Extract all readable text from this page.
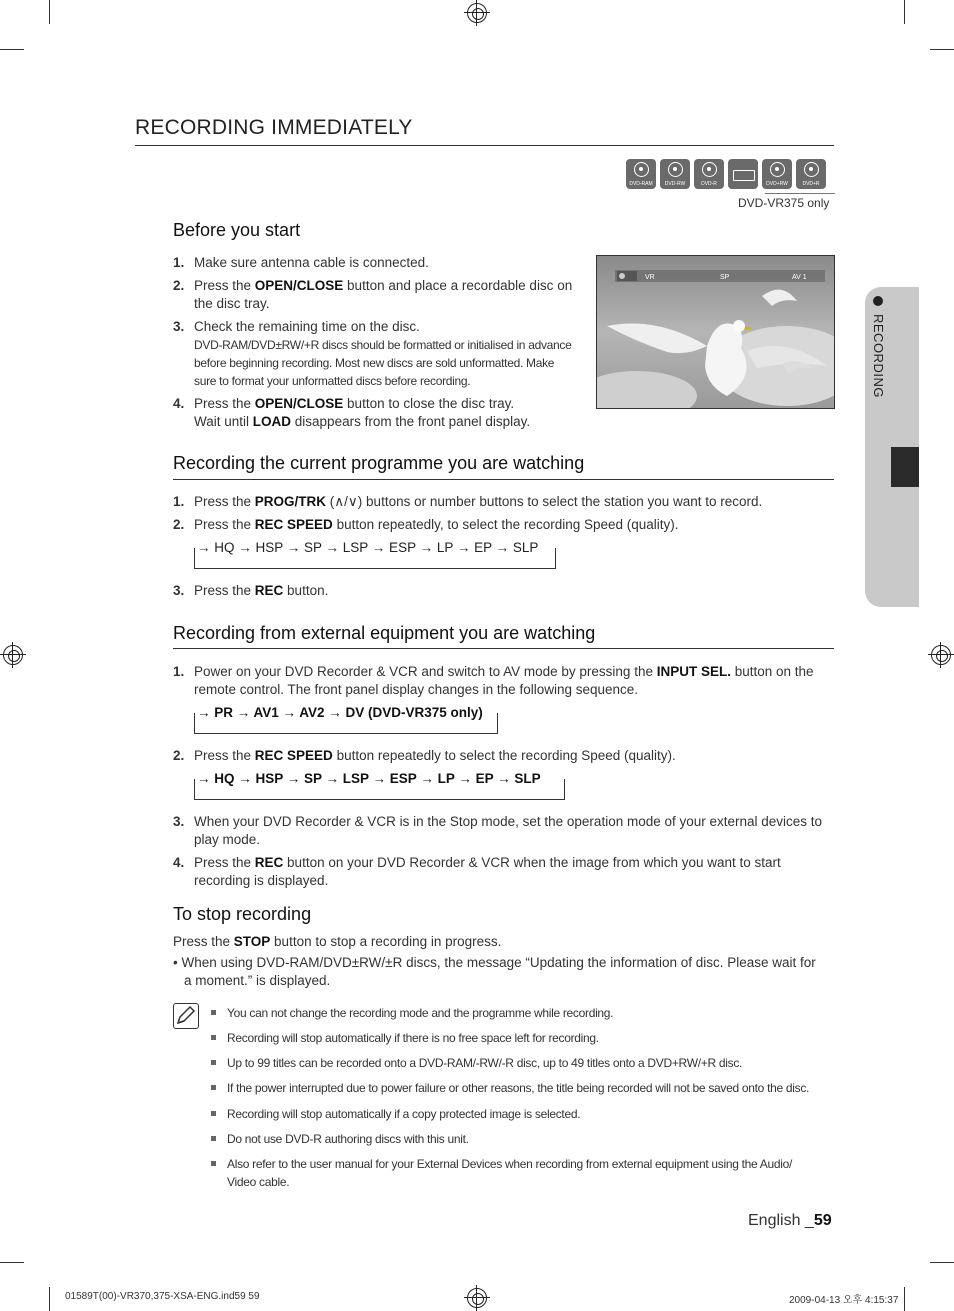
RECORDING IMMEDIATELY
DVD-RAM	DVD-RW	DVD-R	DVD+RW	DVD+R
DVD-VR375 only
Before you start
1. Make sure antenna cable is connected.
2. Press the OPEN/CLOSE button and place a recordable disc on
the disc tray.
3. Check the remaining time on the disc.
DVD-RAM/DVD±RW/+R discs should be formatted or initialised in advance
before beginning recording. Most new discs are sold unformatted. Make
sure to format your unformatted discs before recording.
4. Press the OPEN/CLOSE button to close the disc tray.
Wait until LOAD disappears from the front panel display.
VR	SP	AV 1
Recording the current programme you are watching
1. Press the PROG/TRK (∧/∨) buttons or number buttons to select the station you want to record.
2. Press the REC SPEED button repeatedly, to select the recording Speed (quality).
→ HQ → HSP → SP → LSP → ESP → LP → EP → SLP
3. Press the REC button.
Recording from external equipment you are watching
1. Power on your DVD Recorder & VCR and switch to AV mode by pressing the INPUT SEL. button on the
remote control. The front panel display changes in the following sequence.
→ PR → AV1 → AV2 → DV (DVD-VR375 only)
2. Press the REC SPEED button repeatedly to select the recording Speed (quality).
→ HQ → HSP → SP → LSP → ESP → LP → EP → SLP
3. When your DVD Recorder & VCR is in the Stop mode, set the operation mode of your external devices to
play mode.
4. Press the REC button on your DVD Recorder & VCR when the image from which you want to start
recording is displayed.
To stop recording
Press the STOP button to stop a recording in progress.
• When using DVD-RAM/DVD±RW/±R discs, the message “Updating the information of disc. Please wait for
a moment.” is displayed.
You can not change the recording mode and the programme while recording.
Recording will stop automatically if there is no free space left for recording.
Up to 99 titles can be recorded onto a DVD-RAM/-RW/-R disc, up to 49 titles onto a DVD+RW/+R disc.
If the power interrupted due to power failure or other reasons, the title being recorded will not be saved onto the disc.
Recording will stop automatically if a copy protected image is selected.
Do not use DVD-R authoring discs with this unit.
Also refer to the user manual for your External Devices when recording from external equipment using the Audio/
Video cable.
RECORDING
English _59
01589T(00)-VR370,375-XSA-ENG.ind59 59	2009-04-13 오후 4:15:37
